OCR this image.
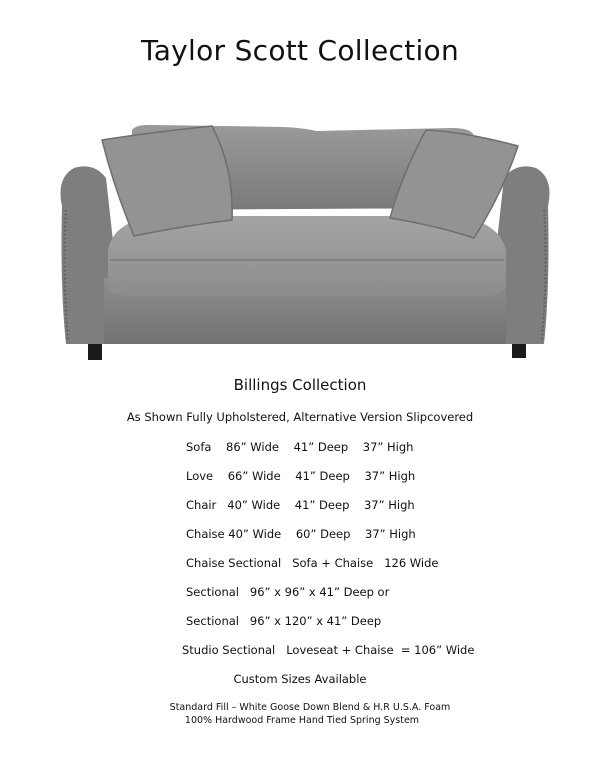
Taylor Scott Collection
Billings Collection
As Shown Fully Upholstered, Alternative Version Slipcovered
Sofa    86” Wide    41” Deep    37” High
Love    66” Wide    41” Deep    37” High
Chair   40” Wide    41” Deep    37” High
Chaise 40” Wide    60” Deep    37” High
Chaise Sectional   Sofa + Chaise   126 Wide
Sectional   96” x 96” x 41” Deep or
Sectional   96” x 120” x 41” Deep
Studio Sectional   Loveseat + Chaise  = 106” Wide
Custom Sizes Available
Standard Fill – White Goose Down Blend & H.R U.S.A. Foam
100% Hardwood Frame Hand Tied Spring System
